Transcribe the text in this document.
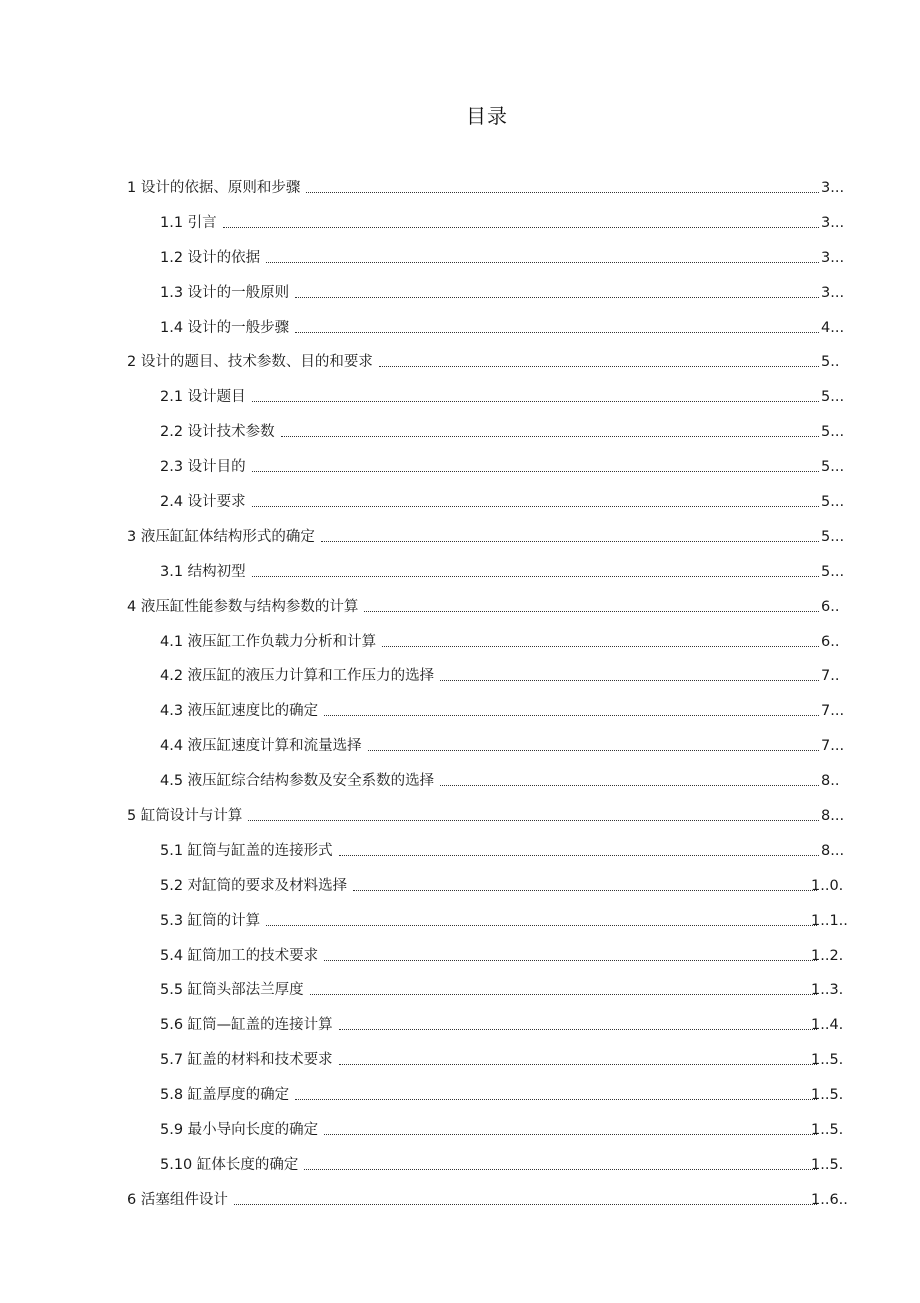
目录
1 设计的依据、原则和步骤	3...
1.1 引言	3...
1.2 设计的依据	3...
1.3 设计的一般原则	3...
1.4 设计的一般步骤	4...
2 设计的题目、技术参数、目的和要求	5..
2.1 设计题目	5...
2.2 设计技术参数	5...
2.3 设计目的	5...
2.4 设计要求	5...
3 液压缸缸体结构形式的确定	5...
3.1 结构初型	5...
4 液压缸性能参数与结构参数的计算	6..
4.1 液压缸工作负载力分析和计算	6..
4.2 液压缸的液压力计算和工作压力的选择	7..
4.3 液压缸速度比的确定	7...
4.4 液压缸速度计算和流量选择	7...
4.5 液压缸综合结构参数及安全系数的选择	8..
5 缸筒设计与计算	8...
5.1 缸筒与缸盖的连接形式	8...
5.2 对缸筒的要求及材料选择	1..0.
5.3 缸筒的计算	1..1..
5.4 缸筒加工的技术要求	1..2.
5.5 缸筒头部法兰厚度	1..3.
5.6 缸筒—缸盖的连接计算	1..4.
5.7 缸盖的材料和技术要求	1..5.
5.8 缸盖厚度的确定	1..5.
5.9 最小导向长度的确定	1..5.
5.10 缸体长度的确定	1..5.
6 活塞组件设计	1..6..
